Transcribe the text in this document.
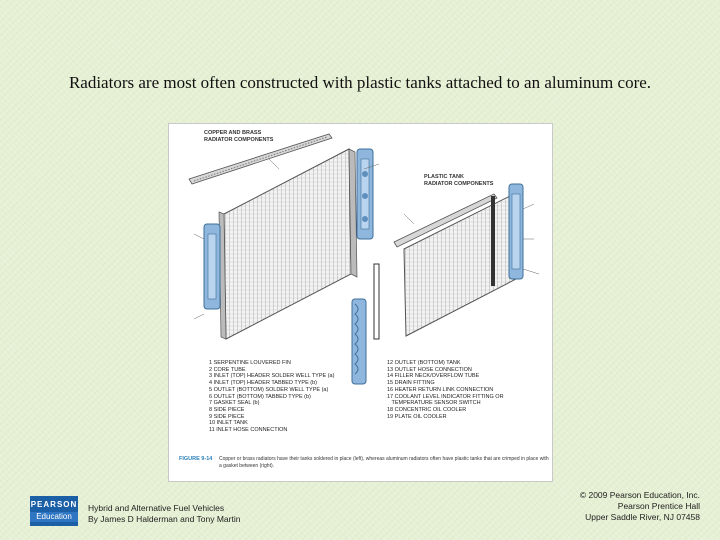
Radiators are most often constructed with plastic tanks attached to an aluminum core.
COPPER AND BRASS
RADIATOR COMPONENTS
PLASTIC TANK
RADIATOR COMPONENTS
1 SERPENTINE LOUVERED FIN
2 CORE TUBE
3 INLET (TOP) HEADER SOLDER WELL TYPE (a)
4 INLET (TOP) HEADER TABBED TYPE (b)
5 OUTLET (BOTTOM) SOLDER WELL TYPE (a)
6 OUTLET (BOTTOM) TABBED TYPE (b)
7 GASKET SEAL (b)
8 SIDE PIECE
9 SIDE PIECE
10 INLET TANK
11 INLET HOSE CONNECTION
12 OUTLET (BOTTOM) TANK
13 OUTLET HOSE CONNECTION
14 FILLER NECK/OVERFLOW TUBE
15 DRAIN FITTING
16 HEATER RETURN LINK CONNECTION
17 COOLANT LEVEL INDICATOR FITTING OR
TEMPERATURE SENSOR SWITCH
18 CONCENTRIC OIL COOLER
19 PLATE OIL COOLER
FIGURE 9-14 Copper or brass radiators have their tanks soldered in place (left), whereas aluminum radiators often have plastic tanks that are crimped in place with a gasket between (right).
PEARSON
Education
Hybrid and Alternative Fuel Vehicles
By James D Halderman and Tony Martin
© 2009 Pearson Education, Inc.
Pearson Prentice Hall
Upper Saddle River, NJ 07458
